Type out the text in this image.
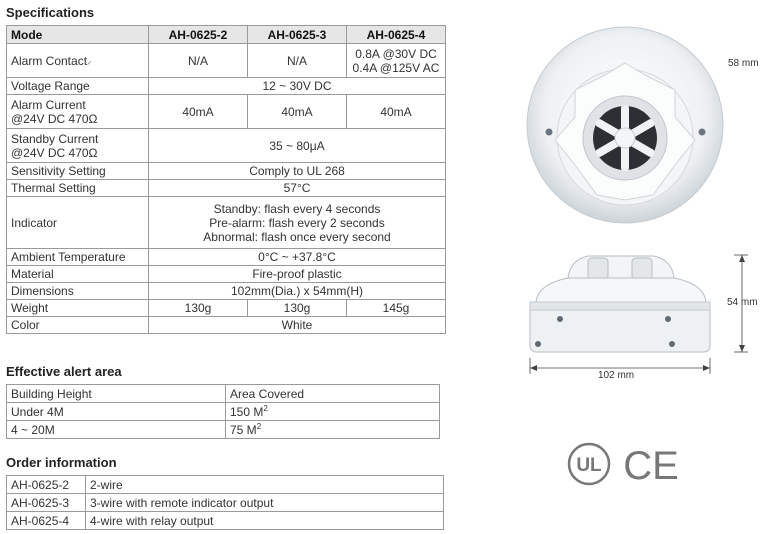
Specifications
Mode	AH-0625-2	AH-0625-3	AH-0625-4
Alarm Contact⸝	N/A	N/A	0.8A @30V DC
0.4A @125V AC

Voltage Range	12 ~ 30V DC		

Alarm Current
@24V DC 470Ω	40mA	40mA	40mA

Standby Current
@24V DC 470Ω	35 ~ 80μA		
Sensitivity Setting	Comply to UL 268		
Thermal Setting	57°C		
Indicator	Standby: flash every 4 seconds
Pre-alarm: flash every 2 seconds
Abnormal: flash once every second		

Ambient Temperature	0°C ~ +37.8°C		
Material	Fire-proof plastic		
Dimensions	102mm(Dia.) x 54mm(H)		
Weight	130g	130g	145g
Color	White		
Effective alert area
Building Height	Area Covered
Under 4M	150 $M^2$
4 ~ 20M	75 $M^2$
Order information
AH-0625-2	2-wire
AH-0625-3	3-wire with remote indicator output
AH-0625-4	4-wire with relay output
58 mm
54 mm
102 mm
UL CE
